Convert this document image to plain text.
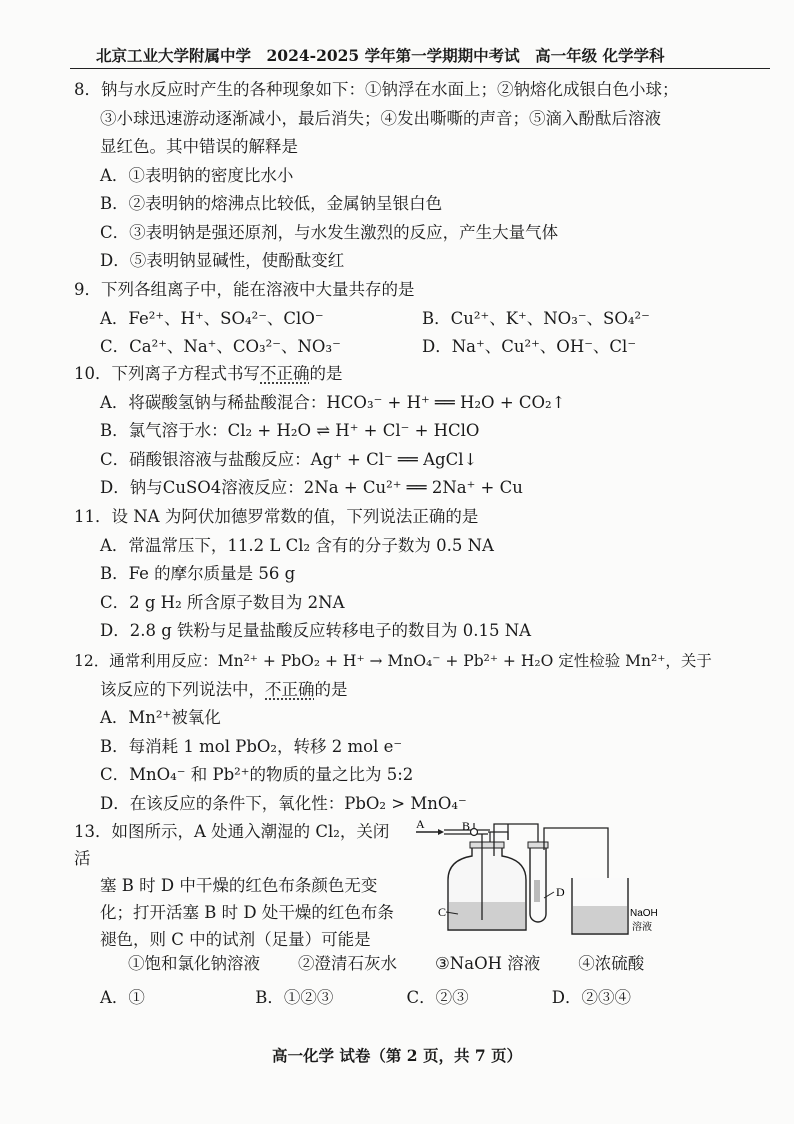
北京工业大学附属中学　2024-2025 学年第一学期期中考试　高一年级 化学学科
8．钠与水反应时产生的各种现象如下：①钠浮在水面上；②钠熔化成银白色小球；
③小球迅速游动逐渐减小，最后消失；④发出嘶嘶的声音；⑤滴入酚酞后溶液
显红色。其中错误的解释是
A．①表明钠的密度比水小
B．②表明钠的熔沸点比较低，金属钠呈银白色
C．③表明钠是强还原剂，与水发生激烈的反应，产生大量气体
D．⑤表明钠显碱性，使酚酞变红
9．下列各组离子中，能在溶液中大量共存的是
A．Fe²⁺、H⁺、SO₄²⁻、ClO⁻	B．Cu²⁺、K⁺、NO₃⁻、SO₄²⁻
C．Ca²⁺、Na⁺、CO₃²⁻、NO₃⁻	D．Na⁺、Cu²⁺、OH⁻、Cl⁻
10．下列离子方程式书写不正确的是
A．将碳酸氢钠与稀盐酸混合：HCO₃⁻ + H⁺ ══ H₂O + CO₂↑
B．氯气溶于水：Cl₂ + H₂O ⇌ H⁺ + Cl⁻ + HClO
C．硝酸银溶液与盐酸反应：Ag⁺ + Cl⁻ ══ AgCl↓
D．钠与CuSO4溶液反应：2Na + Cu²⁺ ══ 2Na⁺ + Cu
11．设 NA 为阿伏加德罗常数的值，下列说法正确的是
A．常温常压下，11.2 L Cl₂ 含有的分子数为 0.5 NA
B．Fe 的摩尔质量是 56 g
C．2 g H₂ 所含原子数目为 2NA
D．2.8 g 铁粉与足量盐酸反应转移电子的数目为 0.15 NA
12．通常利用反应：Mn²⁺ + PbO₂ + H⁺ → MnO₄⁻ + Pb²⁺ + H₂O 定性检验 Mn²⁺，关于
该反应的下列说法中，不正确的是
A．Mn²⁺被氧化
B．每消耗 1 mol PbO₂，转移 2 mol e⁻
C．MnO₄⁻ 和 Pb²⁺的物质的量之比为 5:2
D．在该反应的条件下，氧化性：PbO₂ > MnO₄⁻
13．如图所示，A 处通入潮湿的 Cl₂，关闭活
塞 B 时 D 中干燥的红色布条颜色无变
化；打开活塞 B 时 D 处干燥的红色布条
褪色，则 C 中的试剂（足量）可能是
A	B
C
D
NaOH
溶液
①饱和氯化钠溶液 ②澄清石灰水 ③NaOH 溶液 ④浓硫酸
A．①	B．①②③	C．②③	D．②③④
高一化学 试卷（第 2 页，共 7 页）
